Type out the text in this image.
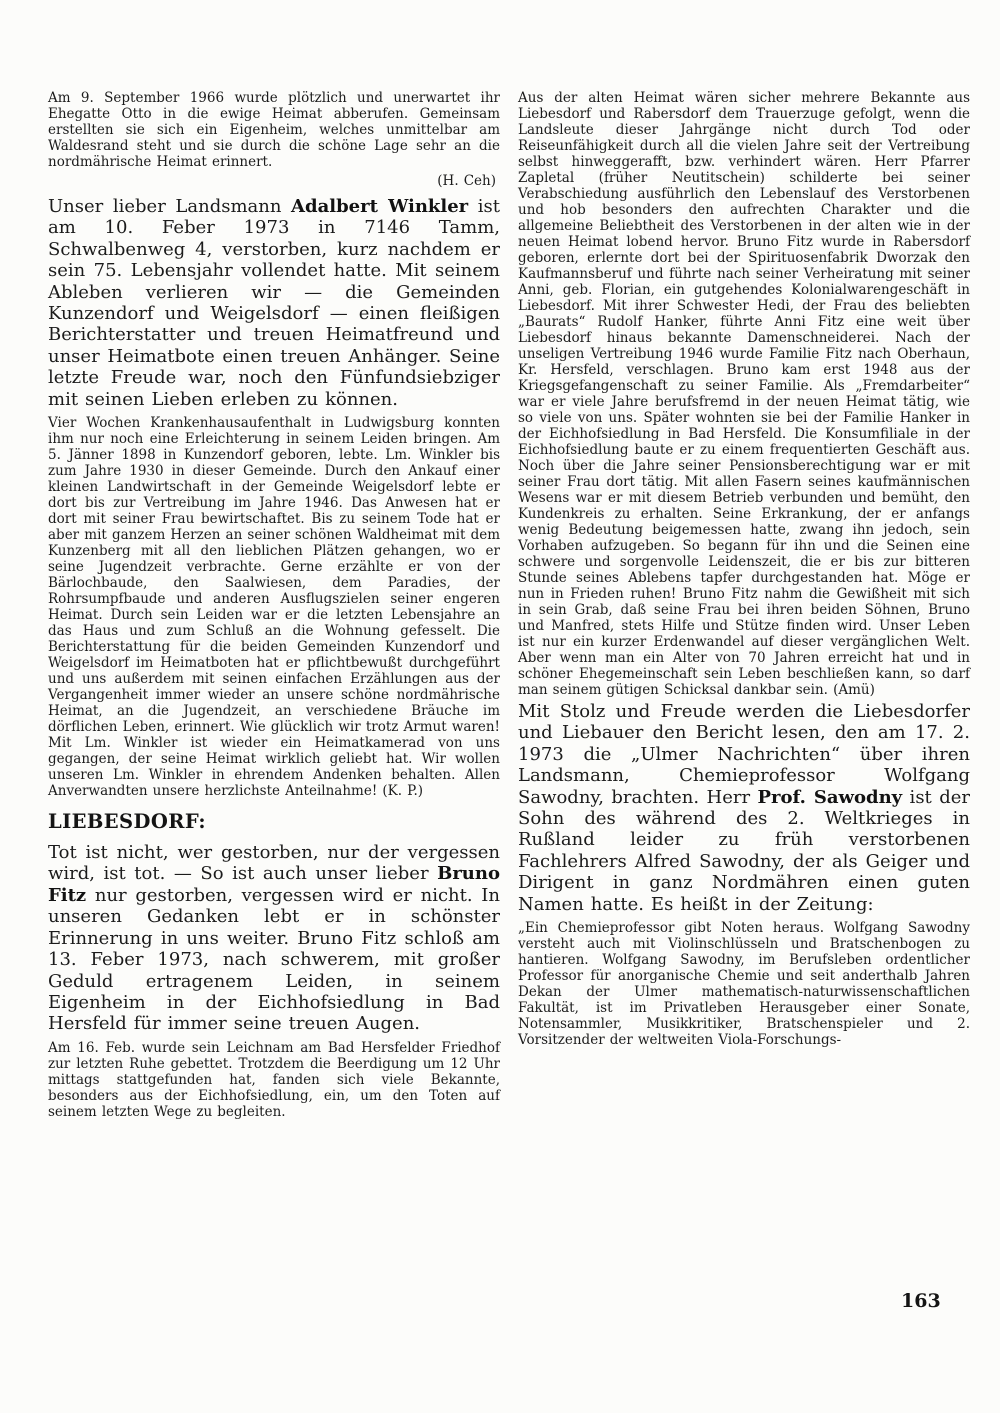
Am 9. September 1966 wurde plötzlich und unerwartet ihr Ehegatte Otto in die ewige Heimat abberufen. Gemeinsam erstellten sie sich ein Eigenheim, welches unmittelbar am Waldesrand steht und sie durch die schöne Lage sehr an die nordmährische Heimat erinnert.

(H. Ceh)

Unser lieber Landsmann Adalbert Winkler ist am 10. Feber 1973 in 7146 Tamm, Schwalbenweg 4, verstorben, kurz nachdem er sein 75. Lebensjahr vollendet hatte. Mit seinem Ableben verlieren wir — die Gemeinden Kunzendorf und Weigelsdorf — einen fleißigen Berichterstatter und treuen Heimatfreund und unser Heimatbote einen treuen Anhänger. Seine letzte Freude war, noch den Fünfundsiebziger mit seinen Lieben erleben zu können.

Vier Wochen Krankenhausaufenthalt in Ludwigsburg konnten ihm nur noch eine Erleichterung in seinem Leiden bringen. Am 5. Jänner 1898 in Kunzendorf geboren, lebte. Lm. Winkler bis zum Jahre 1930 in dieser Gemeinde. Durch den Ankauf einer kleinen Landwirtschaft in der Gemeinde Weigelsdorf lebte er dort bis zur Vertreibung im Jahre 1946. Das Anwesen hat er dort mit seiner Frau bewirtschaftet. Bis zu seinem Tode hat er aber mit ganzem Herzen an seiner schönen Waldheimat mit dem Kunzenberg mit all den lieblichen Plätzen gehangen, wo er seine Jugendzeit verbrachte. Gerne erzählte er von der Bärlochbaude, den Saalwiesen, dem Paradies, der Rohrsumpfbaude und anderen Ausflugszielen seiner engeren Heimat. Durch sein Leiden war er die letzten Lebensjahre an das Haus und zum Schluß an die Wohnung gefesselt. Die Berichterstattung für die beiden Gemeinden Kunzendorf und Weigelsdorf im Heimatboten hat er pflichtbewußt durchgeführt und uns außerdem mit seinen einfachen Erzählungen aus der Vergangenheit immer wieder an unsere schöne nordmährische Heimat, an die Jugendzeit, an verschiedene Bräuche im dörflichen Leben, erinnert. Wie glücklich wir trotz Armut waren! Mit Lm. Winkler ist wieder ein Heimatkamerad von uns gegangen, der seine Heimat wirklich geliebt hat. Wir wollen unseren Lm. Winkler in ehrendem Andenken behalten. Allen Anverwandten unsere herzlichste Anteilnahme! (K. P.)

LIEBESDORF:

Tot ist nicht, wer gestorben, nur der vergessen wird, ist tot. — So ist auch unser lieber Bruno Fitz nur gestorben, vergessen wird er nicht. In unseren Gedanken lebt er in schönster Erinnerung in uns weiter. Bruno Fitz schloß am 13. Feber 1973, nach schwerem, mit großer Geduld ertragenem Leiden, in seinem Eigenheim in der Eichhofsiedlung in Bad Hersfeld für immer seine treuen Augen.

Am 16. Feb. wurde sein Leichnam am Bad Hersfelder Friedhof zur letzten Ruhe gebettet. Trotzdem die Beerdigung um 12 Uhr mittags stattgefunden hat, fanden sich viele Bekannte, besonders aus der Eichhofsiedlung, ein, um den Toten auf seinem letzten Wege zu begleiten.

Aus der alten Heimat wären sicher mehrere Bekannte aus Liebesdorf und Rabersdorf dem Trauerzuge gefolgt, wenn die Landsleute dieser Jahrgänge nicht durch Tod oder Reiseunfähigkeit durch all die vielen Jahre seit der Vertreibung selbst hinweggerafft, bzw. verhindert wären. Herr Pfarrer Zapletal (früher Neutitschein) schilderte bei seiner Verabschiedung ausführlich den Lebenslauf des Verstorbenen und hob besonders den aufrechten Charakter und die allgemeine Beliebtheit des Verstorbenen in der alten wie in der neuen Heimat lobend hervor. Bruno Fitz wurde in Rabersdorf geboren, erlernte dort bei der Spirituosenfabrik Dworzak den Kaufmannsberuf und führte nach seiner Verheiratung mit seiner Anni, geb. Florian, ein gutgehendes Kolonialwarengeschäft in Liebesdorf. Mit ihrer Schwester Hedi, der Frau des beliebten „Baurats“ Rudolf Hanker, führte Anni Fitz eine weit über Liebesdorf hinaus bekannte Damenschneiderei. Nach der unseligen Vertreibung 1946 wurde Familie Fitz nach Oberhaun, Kr. Hersfeld, verschlagen. Bruno kam erst 1948 aus der Kriegsgefangenschaft zu seiner Familie. Als „Fremdarbeiter“ war er viele Jahre berufsfremd in der neuen Heimat tätig, wie so viele von uns. Später wohnten sie bei der Familie Hanker in der Eichhofsiedlung in Bad Hersfeld. Die Konsumfiliale in der Eichhofsiedlung baute er zu einem frequentierten Geschäft aus. Noch über die Jahre seiner Pensionsberechtigung war er mit seiner Frau dort tätig. Mit allen Fasern seines kaufmännischen Wesens war er mit diesem Betrieb verbunden und bemüht, den Kundenkreis zu erhalten. Seine Erkrankung, der er anfangs wenig Bedeutung beigemessen hatte, zwang ihn jedoch, sein Vorhaben aufzugeben. So begann für ihn und die Seinen eine schwere und sorgenvolle Leidenszeit, die er bis zur bitteren Stunde seines Ablebens tapfer durchgestanden hat. Möge er nun in Frieden ruhen! Bruno Fitz nahm die Gewißheit mit sich in sein Grab, daß seine Frau bei ihren beiden Söhnen, Bruno und Manfred, stets Hilfe und Stütze finden wird. Unser Leben ist nur ein kurzer Erdenwandel auf dieser vergänglichen Welt. Aber wenn man ein Alter von 70 Jahren erreicht hat und in schöner Ehegemeinschaft sein Leben beschließen kann, so darf man seinem gütigen Schicksal dankbar sein. (Amü)

Mit Stolz und Freude werden die Liebesdorfer und Liebauer den Bericht lesen, den am 17. 2. 1973 die „Ulmer Nachrichten“ über ihren Landsmann, Chemieprofessor Wolfgang Sawodny, brachten. Herr Prof. Sawodny ist der Sohn des während des 2. Weltkrieges in Rußland leider zu früh verstorbenen Fachlehrers Alfred Sawodny, der als Geiger und Dirigent in ganz Nordmähren einen guten Namen hatte. Es heißt in der Zeitung:

„Ein Chemieprofessor gibt Noten heraus. Wolfgang Sawodny versteht auch mit Violinschlüsseln und Bratschenbogen zu hantieren. Wolfgang Sawodny, im Berufsleben ordentlicher Professor für anorganische Chemie und seit anderthalb Jahren Dekan der Ulmer mathematisch-naturwissenschaftlichen Fakultät, ist im Privatleben Herausgeber einer Sonate, Notensammler, Musikkritiker, Bratschenspieler und 2. Vorsitzender der weltweiten Viola-Forschungs-

163
